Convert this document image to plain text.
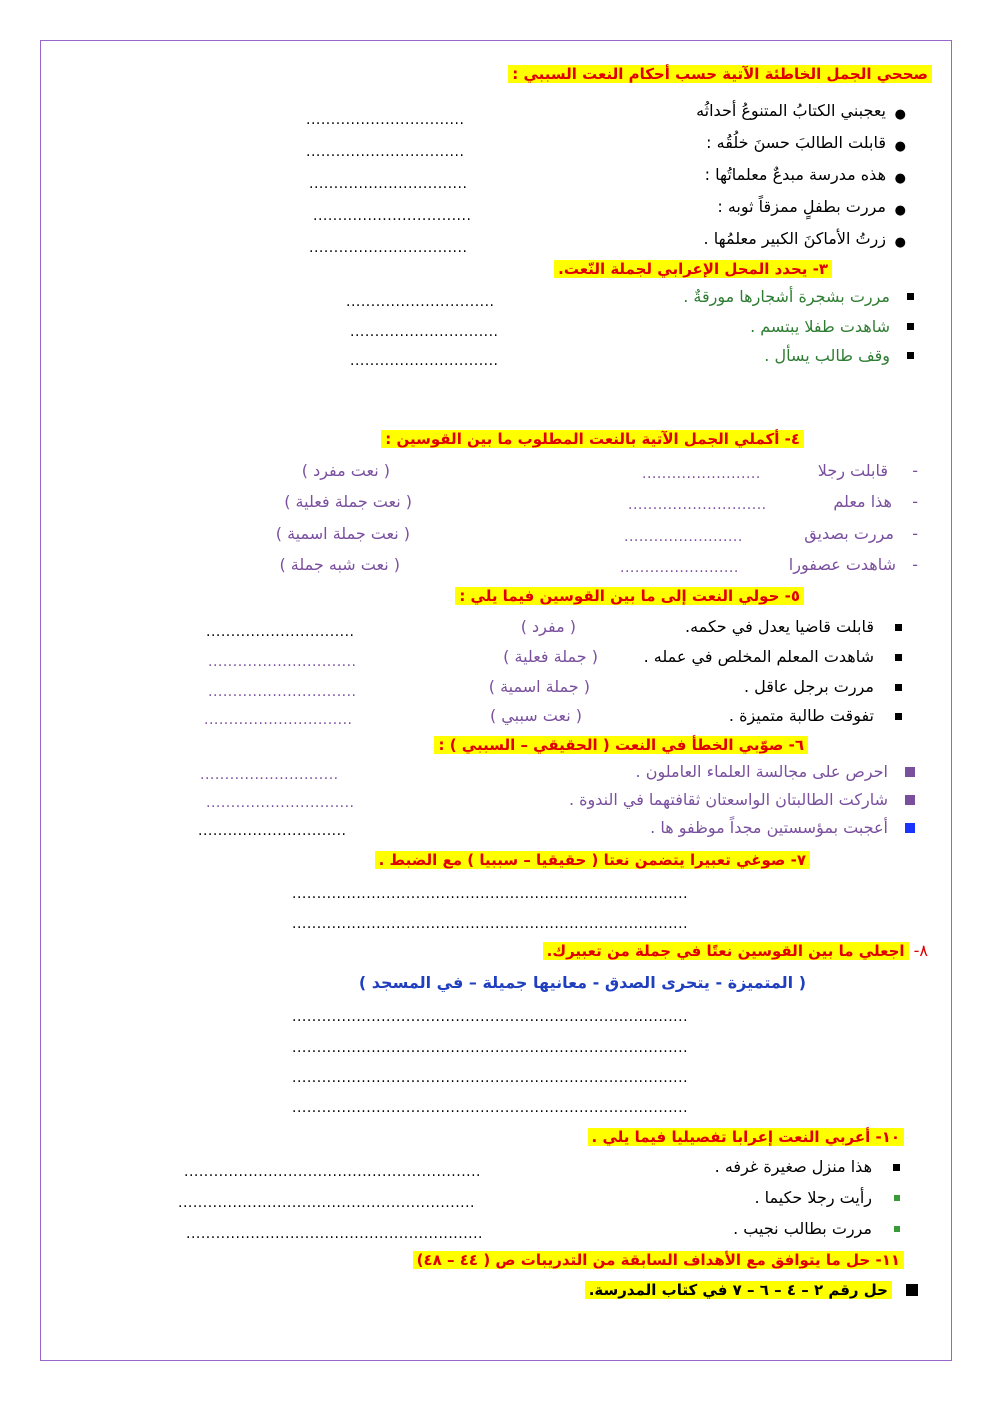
صححي الجمل الخاطئة الآتية حسب أحكام النعت السببي :
●
يعجبني الكتابُ المتنوعُ أحداثُه
................................
●
قابلت الطالبَ حسنَ خلُقُه :
................................
●
هذه مدرسة مبدعٌ معلماتُها :
................................
●
مررت بطفلٍ ممزقاً ثوبه :
................................
●
زرتُ الأماكنَ الكبير معلمُها .
................................
٣- يحدد المحل الإعرابي لجملة النّعت.
مررت بشجرة أشجارها مورقةٌ .
..............................
شاهدت طفلا يبتسم .
..............................
وقف طالب يسأل .
..............................
٤- أكملي الجمل الآتية بالنعت المطلوب ما بين القوسين :
-
قابلت رجلا
........................
( نعت مفرد )
-
هذا معلم
............................
( نعت جملة فعلية )
-
مررت بصديق
........................
( نعت جملة اسمية )
-
شاهدت عصفورا
........................
( نعت شبه جملة )
٥- حولي النعت إلى ما بين القوسين فيما يلي :
قابلت قاضيا يعدل في حكمه.
( مفرد )
..............................
شاهدت المعلم المخلص في عمله .
( جملة فعلية )
..............................
مررت برجل عاقل .
( جملة اسمية )
..............................
تفوقت طالبة متميزة .
( نعت سببي )
..............................
٦- صوّبي الخطأ في النعت ( الحقيقي – السببي ) :
احرص على مجالسة العلماء العاملون .
............................
شاركت الطالبتان الواسعتان ثقافتهما في الندوة .
..............................
أعجبت بمؤسستين مجداً موظفو ها .
..............................
٧- صوغي تعبيرا يتضمن نعتا ( حقيقيا – سببيا ) مع الضبط .
................................................................................
................................................................................
٨- اجعلي ما بين القوسين نعتًا في جملة من تعبيرك.
( المتميزة - يتحرى الصدق - معانيها جميلة – في المسجد )
................................................................................
................................................................................
................................................................................
................................................................................
١٠- أعربي النعت إعرابا تفصيليا فيما يلي .
هذا منزل صغيرة غرفه .
............................................................
رأيت رجلا حكيما .
............................................................
مررت بطالب نجيب .
............................................................
١١- حل ما يتوافق مع الأهداف السابقة من التدريبات ص ( ٤٤ – ٤٨)
حل رقم ٢ – ٤ – ٦ – ٧ في كتاب المدرسة.
